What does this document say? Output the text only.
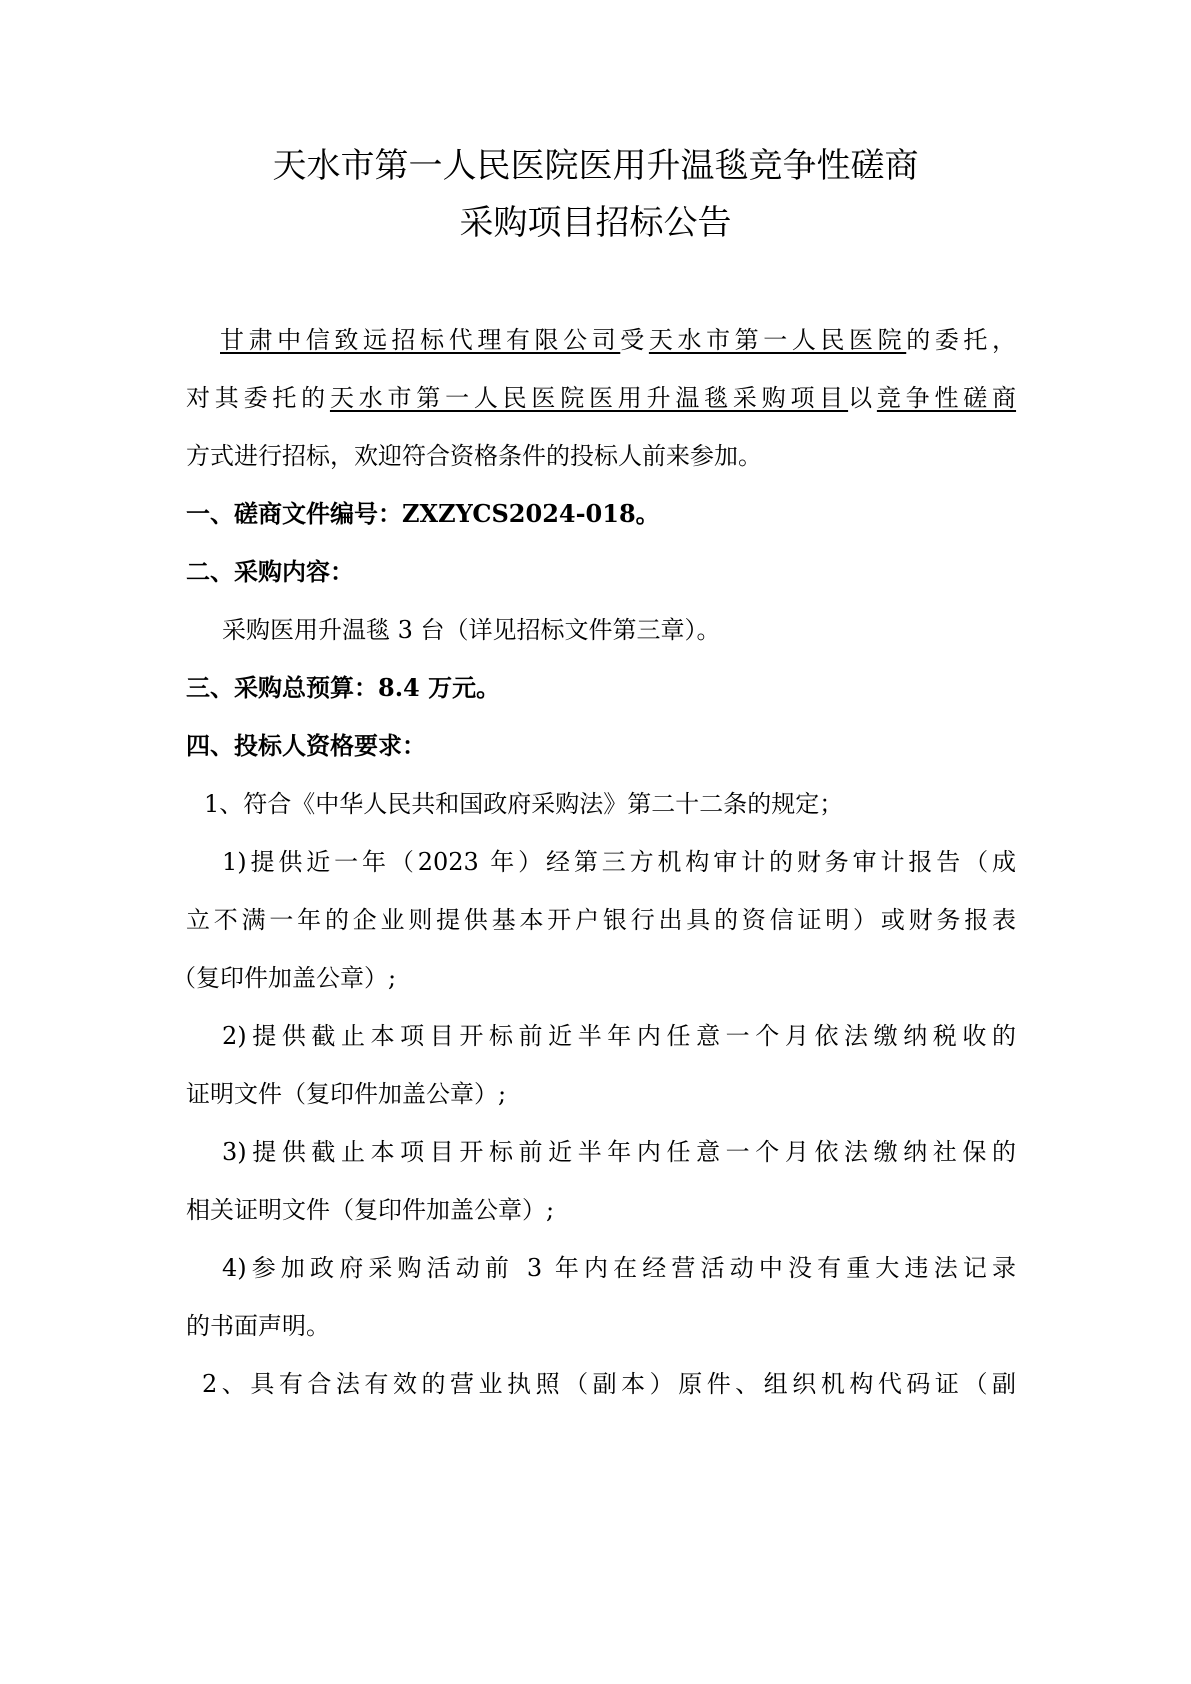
天水市第一人民医院医用升温毯竞争性磋商
采购项目招标公告
甘肃中信致远招标代理有限公司受天水市第一人民医院的委托，
对其委托的天水市第一人民医院医用升温毯采购项目以竞争性磋商
方式进行招标，欢迎符合资格条件的投标人前来参加。
一、磋商文件编号：ZXZYCS2024-018。
二、采购内容：
采购医用升温毯 3 台（详见招标文件第三章）。
三、采购总预算：8.4 万元。
四、投标人资格要求：
1、符合《中华人民共和国政府采购法》第二十二条的规定；
1)提供近一年（2023 年）经第三方机构审计的财务审计报告（成
立不满一年的企业则提供基本开户银行出具的资信证明）或财务报表
（复印件加盖公章）;
2)提供截止本项目开标前近半年内任意一个月依法缴纳税收的
证明文件（复印件加盖公章）;
3)提供截止本项目开标前近半年内任意一个月依法缴纳社保的
相关证明文件（复印件加盖公章）;
4)参加政府采购活动前 3 年内在经营活动中没有重大违法记录
的书面声明。
2、具有合法有效的营业执照（副本）原件、组织机构代码证（副
